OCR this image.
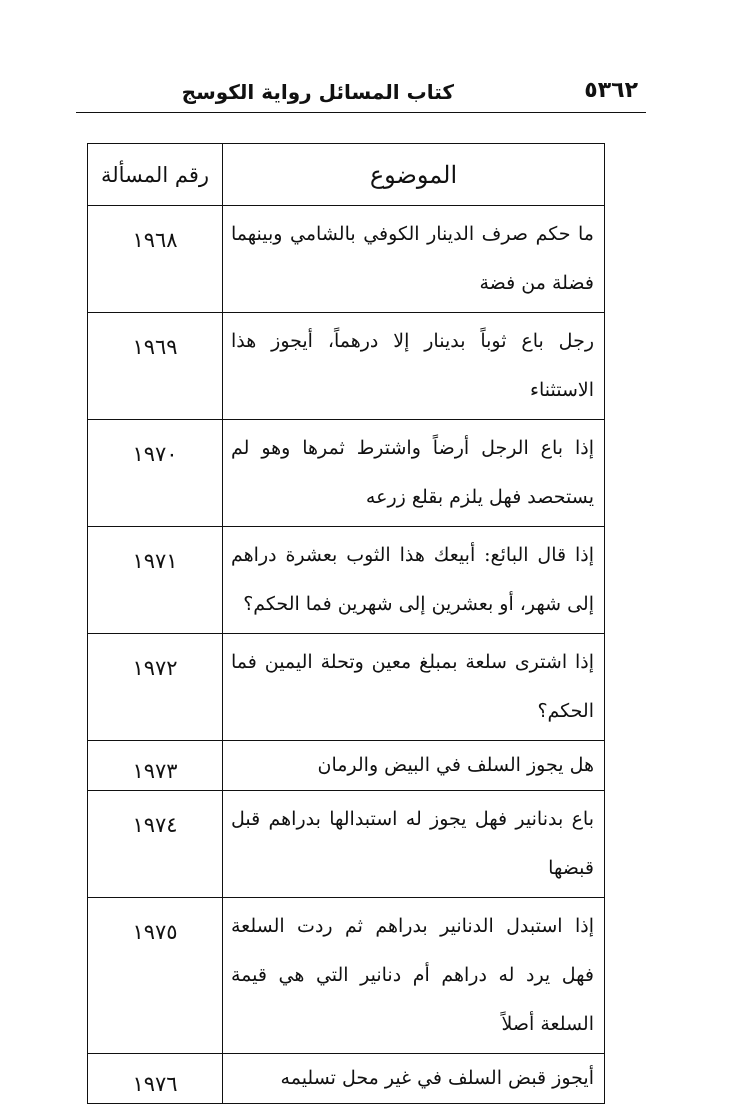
٥٣٦٢
كتاب المسائل رواية الكوسج
الموضوع	رقم المسألة
ما حكم صرف الدينار الكوفي بالشامي وبينهما فضلة من فضة	١٩٦٨
رجل باع ثوباً بدينار إلا درهماً، أيجوز هذا الاستثناء	١٩٦٩
إذا باع الرجل أرضاً واشترط ثمرها وهو لم يستحصد فهل يلزم بقلع زرعه	١٩٧٠
إذا قال البائع: أبيعك هذا الثوب بعشرة دراهم إلى شهر، أو بعشرين إلى شهرين فما الحكم؟	١٩٧١
إذا اشترى سلعة بمبلغ معين وتحلة اليمين فما الحكم؟	١٩٧٢
هل يجوز السلف في البيض والرمان	١٩٧٣
باع بدنانير فهل يجوز له استبدالها بدراهم قبل قبضها	١٩٧٤
إذا استبدل الدنانير بدراهم ثم ردت السلعة فهل يرد له دراهم أم دنانير التي هي قيمة السلعة أصلاً	١٩٧٥
أيجوز قبض السلف في غير محل تسليمه	١٩٧٦
